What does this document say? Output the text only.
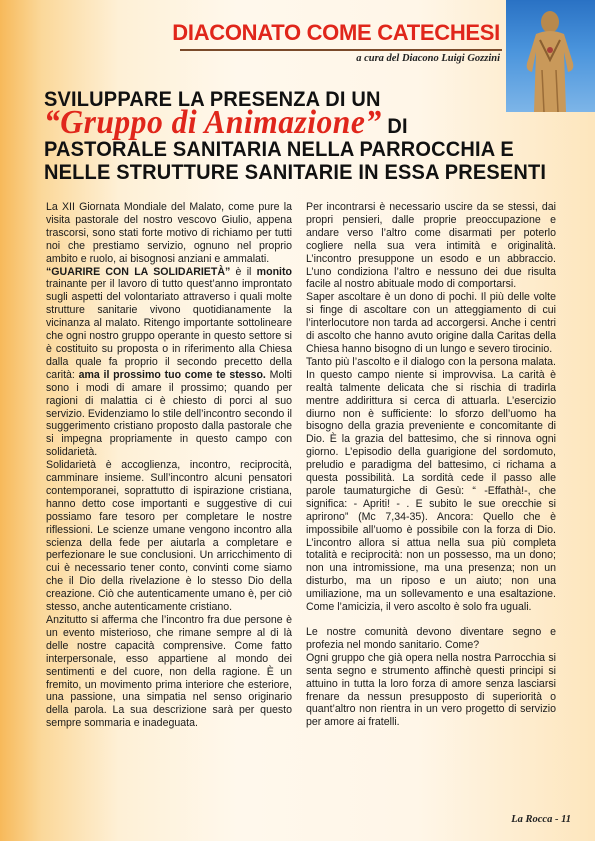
DIACONATO COME CATECHESI
a cura del Diacono Luigi Gozzini
SVILUPPARE LA PRESENZA DI UN
“Gruppo di Animazione” DI
PASTORALE SANITARIA NELLA PARROCCHIA E
NELLE STRUTTURE SANITARIE IN ESSA PRESENTI

La XII Giornata Mondiale del Malato, come pure la visita pastorale del nostro vescovo Giulio, appena trascorsi, sono stati forte motivo di richiamo per tutti noi che prestiamo servizio, ognuno nel proprio ambito e ruolo, ai bisognosi anziani e ammalati.

“GUARIRE CON LA SOLIDARIETÀ” è il monito trainante per il lavoro di tutto quest’anno improntato sugli aspetti del volontariato attraverso i quali molte strutture sanitarie vivono quotidianamente la vicinanza al malato. Ritengo importante sottolineare che ogni nostro gruppo operante in questo settore si è costituito su proposta o in riferimento alla Chiesa dalla quale fa proprio il secondo precetto della carità: ama il prossimo tuo come te stesso. Molti sono i modi di amare il prossimo; quando per ragioni di malattia ci è chiesto di porci al suo servizio. Evidenziamo lo stile dell’incontro secondo il suggerimento cristiano proposto dalla pastorale che si impegna propriamente in questo campo con solidarietà.

Solidarietà è accoglienza, incontro, reciprocità, camminare insieme. Sull’incontro alcuni pensatori contemporanei, soprattutto di ispirazione cristiana, hanno detto cose importanti e suggestive di cui possiamo fare tesoro per completare le nostre riflessioni. Le scienze umane vengono incontro alla scienza della fede per aiutarla a completare e perfezionare le sue conclusioni. Un arricchimento di cui è necessario tener conto, convinti come siamo che il Dio della rivelazione è lo stesso Dio della creazione. Ciò che autenticamente umano è, per ciò stesso, anche autenticamente cristiano.

Anzitutto si afferma che l’incontro fra due persone è un evento misterioso, che rimane sempre al di là delle nostre capacità comprensive. Come fatto interpersonale, esso appartiene al mondo dei sentimenti e del cuore, non della ragione. È un fremito, un movimento prima interiore che esteriore, una passione, una simpatia nel senso originario della parola. La sua descrizione sarà per questo sempre sommaria e inadeguata.

Per incontrarsi è necessario uscire da se stessi, dai propri pensieri, dalle proprie preoccupazione e andare verso l’altro come disarmati per poterlo cogliere nella sua vera intimità e originalità. L’incontro presuppone un esodo e un abbraccio. L’uno condiziona l’altro e nessuno dei due risulta facile al nostro abituale modo di comportarsi.

Saper ascoltare è un dono di pochi. Il più delle volte si finge di ascoltare con un atteggiamento di cui l’interlocutore non tarda ad accorgersi. Anche i centri di ascolto che hanno avuto origine dalla Caritas della Chiesa hanno bisogno di un lungo e severo tirocinio.

Tanto più l’ascolto e il dialogo con la persona malata. In questo campo niente si improvvisa. La carità è realtà talmente delicata che si rischia di tradirla mentre addirittura si cerca di attuarla. L’esercizio diurno non è sufficiente: lo sforzo dell’uomo ha bisogno della grazia preveniente e concomitante di Dio. È la grazia del battesimo, che si rinnova ogni giorno. L’episodio della guarigione del sordomuto, preludio e paradigma del battesimo, ci richama a questa possibilità. La sordità cede il passo alle parole taumaturgiche di Gesù: “ -Effathà!-, che significa: - Apriti! - . E subito le sue orecchie si aprirono” (Mc 7,34-35). Ancora: Quello che è impossibile all’uomo è possibile con la forza di Dio. L’incontro allora si attua nella sua più completa totalità e reciprocità: non un possesso, ma un dono; non una intromissione, ma una presenza; non un disturbo, ma un riposo e un aiuto; non una umiliazione, ma un sollevamento e una esaltazione. Come l’amicizia, il vero ascolto è solo fra uguali.

Le nostre comunità devono diventare segno e profezia nel mondo sanitario. Come?

Ogni gruppo che già opera nella nostra Parrocchia si senta segno e strumento affinchè questi principi si attuino in tutta la loro forza di amore senza lasciarsi frenare da nessun presupposto di superiorità o quant’altro non rientra in un vero progetto di servizio per amore ai fratelli.

La Rocca - 11
